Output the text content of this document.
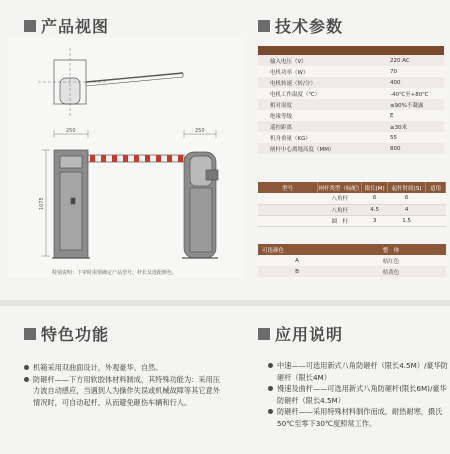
产品视图	技术参数
250	250
1075
特别说明：下审时需要确定产品型号、杆长及选配颜色。

输入电压（V）	220 AC
电机功率（W）	70
电机转速（转/分）	400
电机工作温度（℃）	-40℃至+80℃
相对湿度	≤90%不凝露
绝缘等级	E
遥控距离	≥30米
机身重量（KG）	55
闸杆中心离地高度（MM）	800
型号	闸杆类型（标配）	限长(M)	起杆时间(S)	适用
	八角杆	6	6	
	八角杆	4.5	4	
	圆　杆	3	1.5	
可选颜色	整　体
A	桔红色
B	桔黄色
特色功能	应用说明
机箱采用双曲面设计，外观豪华、自然。
防砸杆——下方用软胶体材料制成，其特殊功能为：采用压力波自动感应，当遇到人为操作失误或机械故障等其它意外情况时，可自动起杆，从而避免砸伤车辆和行人。
中速——可选用新式八角防砸杆（限长4.5M）/豪华防砸杆（限长4M）
慢速及曲杆——可选用新式八角防砸杆(限长6M)/豪华防砸杆（限长4.5M）
防砸杆——采用特殊材料制作而成，耐热耐寒，摄氏50℃至零下30℃度照常工作。
